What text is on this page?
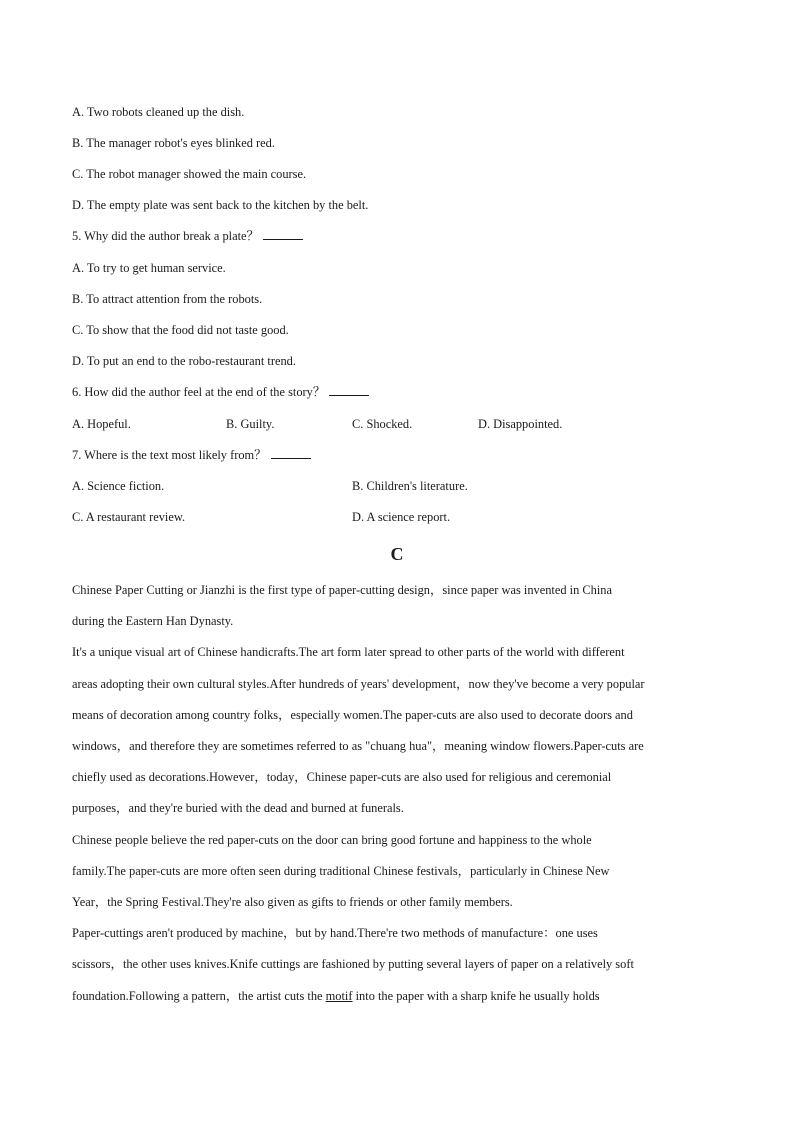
A. Two robots cleaned up the dish.
B. The manager robot's eyes blinked red.
C. The robot manager showed the main course.
D. The empty plate was sent back to the kitchen by the belt.
5. Why did the author break a plate？
A. To try to get human service.
B. To attract attention from the robots.
C. To show that the food did not taste good.
D. To put an end to the robo-restaurant trend.
6. How did the author feel at the end of the story？
A. Hopeful.	B. Guilty.	C. Shocked.	D. Disappointed.
7. Where is the text most likely from？
A. Science fiction.	B. Children's literature.
C. A restaurant review.	D. A science report.
C
Chinese Paper Cutting or Jianzhi is the first type of paper-cutting design，since paper was invented in China
during the Eastern Han Dynasty.
It's a unique visual art of Chinese handicrafts.The art form later spread to other parts of the world with different
areas adopting their own cultural styles.After hundreds of years' development，now they've become a very popular
means of decoration among country folks，especially women.The paper-cuts are also used to decorate doors and
windows，and therefore they are sometimes referred to as "chuang hua"，meaning window flowers.Paper-cuts are
chiefly used as decorations.However，today，Chinese paper-cuts are also used for religious and ceremonial
purposes，and they're buried with the dead and burned at funerals.
Chinese people believe the red paper-cuts on the door can bring good fortune and happiness to the whole
family.The paper-cuts are more often seen during traditional Chinese festivals，particularly in Chinese New
Year，the Spring Festival.They're also given as gifts to friends or other family members.
Paper-cuttings aren't produced by machine，but by hand.There're two methods of manufacture：one uses
scissors，the other uses knives.Knife cuttings are fashioned by putting several layers of paper on a relatively soft
foundation.Following a pattern，the artist cuts the motif into the paper with a sharp knife he usually holds
